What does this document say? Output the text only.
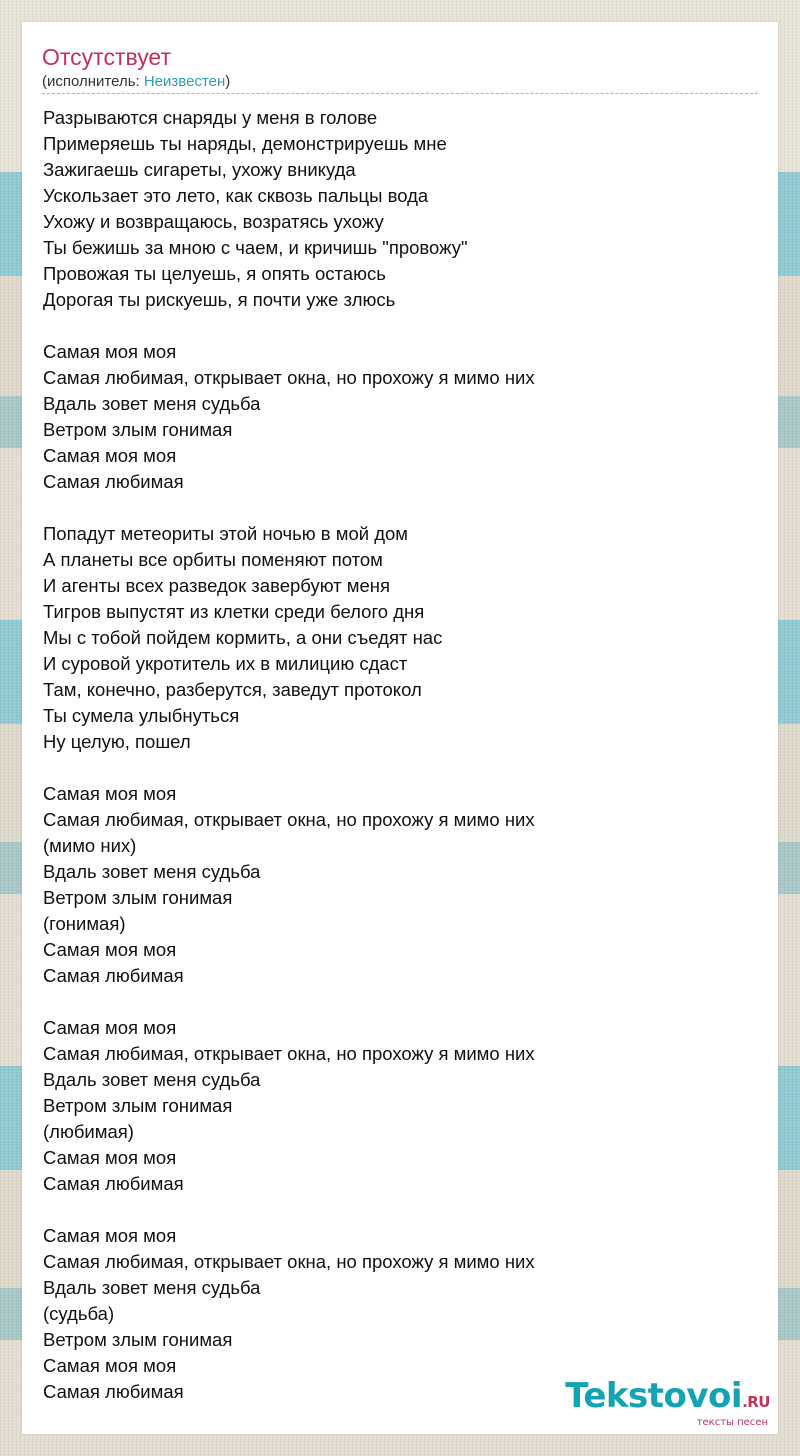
Отсутствует
(исполнитель: Неизвестен)
Разрываются снаряды у меня в голове
Примеряешь ты наряды, демонстрируешь мне
Зажигаешь сигареты, ухожу вникуда
Ускользает это лето, как сквозь пальцы вода
Ухожу и возвращаюсь, возратясь ухожу
Ты бежишь за мною с чаем, и кричишь "провожу"
Провожая ты целуешь, я опять остаюсь
Дорогая ты рискуешь, я почти уже злюсь
Самая моя моя
Самая любимая, открывает окна, но прохожу я мимо них
Вдаль зовет меня судьба
Ветром злым гонимая
Самая моя моя
Самая любимая
Попадут метеориты этой ночью в мой дом
А планеты все орбиты поменяют потом
И агенты всех разведок завербуют меня
Тигров выпустят из клетки среди белого дня
Мы с тобой пойдем кормить, а они съедят нас
И суровой укротитель их в милицию сдаст
Там, конечно, разберутся, заведут протокол
Ты сумела улыбнуться
Ну целую, пошел
Самая моя моя
Самая любимая, открывает окна, но прохожу я мимо них
(мимо них)
Вдаль зовет меня судьба
Ветром злым гонимая
(гонимая)
Самая моя моя
Самая любимая
Самая моя моя
Самая любимая, открывает окна, но прохожу я мимо них
Вдаль зовет меня судьба
Ветром злым гонимая
(любимая)
Самая моя моя
Самая любимая
Самая моя моя
Самая любимая, открывает окна, но прохожу я мимо них
Вдаль зовет меня судьба
(судьба)
Ветром злым гонимая
Самая моя моя
Самая любимая	Tekstovoi.RU
тексты песен
